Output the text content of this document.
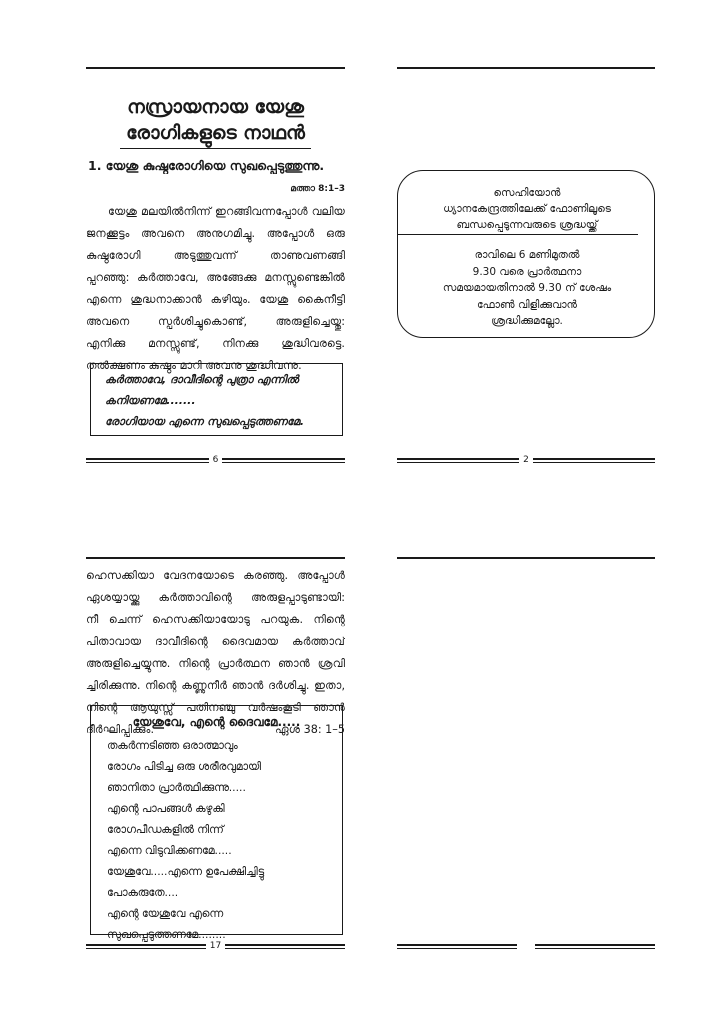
നസ്രായനായ യേശു
രോഗികളുടെ നാഥൻ
1. യേശു കുഷ്ഠരോഗിയെ സുഖപ്പെടുത്തുന്നു.
മത്താ 8:1–3
യേശു മലയിൽനിന്ന് ഇറങ്ങിവന്നപ്പോൾ വലിയ
ജനക്കൂട്ടം അവനെ അനുഗമിച്ചു. അപ്പോൾ ഒരു
കുഷ്ഠരോഗി അടുത്തുവന്ന് താണുവണങ്ങി
പ്പറഞ്ഞു: കർത്താവേ, അങ്ങേക്കു മനസ്സുണ്ടെങ്കിൽ
എന്നെ ശുദ്ധനാക്കാൻ കഴിയും. യേശു കൈനീട്ടി
അവനെ സ്പർശിച്ചുകൊണ്ട്, അരുളിച്ചെയ്തു:
എനിക്കു മനസ്സുണ്ട്, നിനക്കു ശുദ്ധിവരട്ടെ.
തൽക്ഷണം കുഷ്ഠം മാറി അവനു ശുദ്ധിവന്നു.
കർത്താവേ, ദാവീദിന്റെ പുത്രാ എന്നിൽ
കനിയണമേ.......
രോഗിയായ എന്നെ സുഖപ്പെടുത്തണമേ.
6
സെഹിയോൻ
ധ്യാനകേന്ദ്രത്തിലേക്ക് ഫോണിലൂടെ
ബന്ധപ്പെടുന്നവരുടെ ശ്രദ്ധയ്ക്ക്
രാവിലെ 6 മണിമുതൽ
9.30 വരെ പ്രാർത്ഥനാ
സമയമായതിനാൽ 9.30 ന് ശേഷം
ഫോൺ വിളിക്കുവാൻ
ശ്രദ്ധിക്കുമല്ലോ.
2
ഹെസക്കിയാ വേദനയോടെ കരഞ്ഞു. അപ്പോൾ
ഏശയ്യായ്ക്കു കർത്താവിന്റെ അരുളപ്പാടുണ്ടായി:
നീ ചെന്ന് ഹെസക്കിയായോടു പറയുക. നിന്റെ
പിതാവായ ദാവീദിന്റെ ദൈവമായ കർത്താവ്
അരുളിച്ചെയ്യുന്നു. നിന്റെ പ്രാർത്ഥന ഞാൻ ശ്രവി
ച്ചിരിക്കുന്നു. നിന്റെ കണ്ണുനീർ ഞാൻ ദർശിച്ചു. ഇതാ,
നിന്റെ ആയുസ്സ് പതിനഞ്ചു വർഷംകൂടി ഞാൻ
ദീർഘിപ്പിക്കും.	ഏശ 38: 1–5
യേശുവേ, എന്റെ ദൈവമേ.....
തകർന്നടിഞ്ഞ ഒരാത്മാവും
രോഗം പിടിച്ച ഒരു ശരീരവുമായി
ഞാനിതാ പ്രാർത്ഥിക്കുന്നു.....
എന്റെ പാപങ്ങൾ കഴുകി
രോഗപീഡകളിൽ നിന്ന്
എന്നെ വിടുവിക്കണമേ.....
യേശുവേ.....എന്നെ ഉപേക്ഷിച്ചിട്ടു
പോകരുതേ....
എന്റെ യേശുവേ എന്നെ
സുഖപ്പെടുത്തണമേ........
17
